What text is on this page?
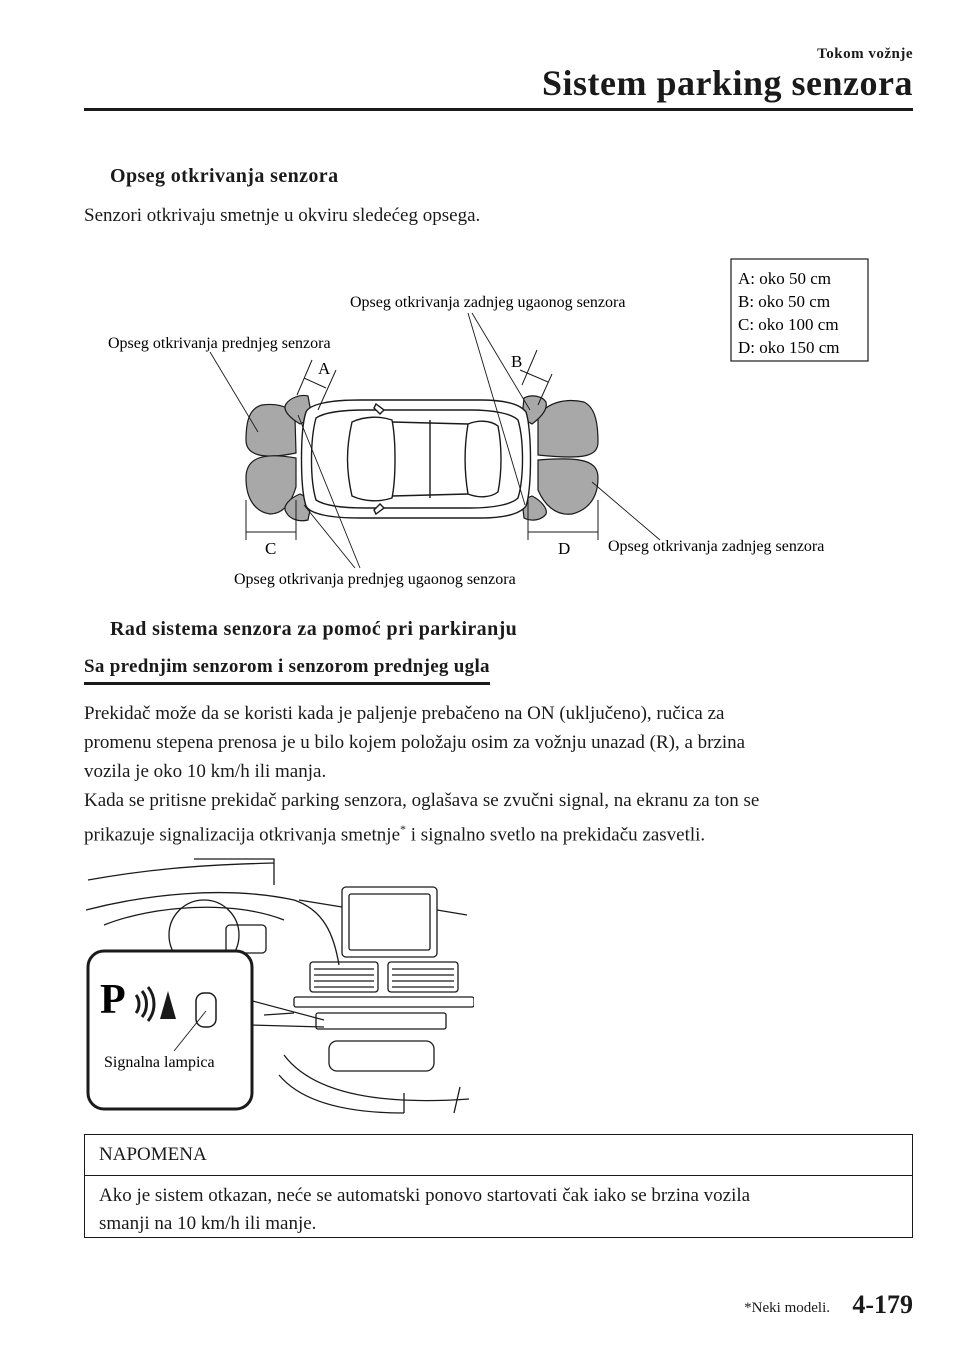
Tokom vožnje
Sistem parking senzora
Opseg otkrivanja senzora
Senzori otkrivaju smetnje u okviru sledećeg opsega.
A: oko 50 cm
B: oko 50 cm
C: oko 100 cm
D: oko 150 cm
Opseg otkrivanja zadnjeg ugaonog senzora
Opseg otkrivanja prednjeg senzora
Opseg otkrivanja zadnjeg senzora
Opseg otkrivanja prednjeg ugaonog senzora
A	B
C	D
Rad sistema senzora za pomoć pri parkiranju
Sa prednjim senzorom i senzorom prednjeg ugla
Prekidač može da se koristi kada je paljenje prebačeno na ON (uključeno), ručica za
promenu stepena prenosa je u bilo kojem položaju osim za vožnju unazad (R), a brzina
vozila je oko 10 km/h ili manja.
Kada se pritisne prekidač parking senzora, oglašava se zvučni signal, na ekranu za ton se
prikazuje signalizacija otkrivanja smetnje* i signalno svetlo na prekidaču zasvetli.
P
Signalna lampica
NAPOMENA
Ako je sistem otkazan, neće se automatski ponovo startovati čak iako se brzina vozila
smanji na 10 km/h ili manje.
*Neki modeli. 4-179
